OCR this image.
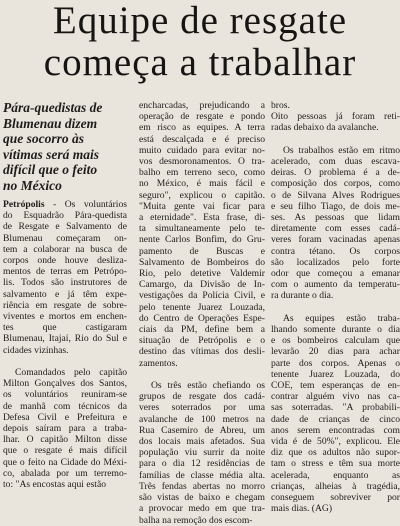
Equipe de resgate
começa a trabalhar
Pára-quedistas de
Blumenau dizem
que socorro às
vítimas será mais
difícil que o feito
no México
Petrópolis - Os voluntários
do Esquadrão Pára-quedista
de Resgate e Salvamento de
Blumenau começaram on-
tem a colaborar na busca de
corpos onde houve desliza-
mentos de terras em Petrópo-
lis. Todos são instrutores de
salvamento e já têm expe-
riência em resgate de sobre-
viventes e mortos em enchen-
tes que castigaram
Blumenau, Itajaí, Rio do Sul e
cidades vizinhas.
Comandados pelo capitão
Milton Gonçalves dos Santos,
os voluntários reuniram-se
de manhã com técnicos da
Defesa Civil e Prefeitura e
depois saíram para a traba-
lhar. O capitão Milton disse
que o resgate é mais difícil
que o feito na Cidade do Méxi-
co, abalada por um terremo-
to: "As encostas aqui estão
encharcadas, prejudicando a
operação de resgate e pondo
em risco as equipes. A terra
está descalçada e é preciso
muito cuidado para evitar no-
vos desmoronamentos. O tra-
balho em terreno seco, como
no México, é mais fácil e
seguro", explicou o capitão.
"Muita gente vai ficar para
a eternidade". Esta frase, di-
ta simultaneamente pelo te-
nente Carlos Bonfim, do Gru-
pamento de Buscas e
Salvamento de Bombeiros do
Rio, pelo detetive Valdemir
Camargo, da Divisão de In-
vestigações da Polícia Civil, e
pelo tenente Juarez Louzada,
do Centro de Operações Espe-
ciais da PM, define bem a
situação de Petrópolis e o
destino das vítimas dos desli-
zamentos.
Os três estão chefiando os
grupos de resgate dos cadá-
veres soterrados por uma
avalanche de 100 metros na
Rua Casemiro de Abreu, um
dos locais mais afetados. Sua
população viu surrir da noite
para o dia 12 residências de
famílias de classe média alta.
Três fendas abertas no morro
são vistas de baixo e chegam
a provocar medo em que tra-
balha na remoção dos escom-
bros.
Oito pessoas já foram reti-
radas debaixo da avalanche.
Os trabalhos estão em ritmo
acelerado, com duas escava-
deiras. O problema é a de-
composição dos corpos, como
o de Silvana Alves Rodrigues
e seu filho Tiago, de dois me-
ses. As pessoas que lidam
diretamente com esses cadá-
veres foram vacinadas apenas
contra tétano. Os corpos
são localizados pelo forte
odor que começou a emanar
com o aumento da temperatu-
ra durante o dia.
As equipes estão traba-
lhando somente durante o dia
e os bombeiros calculam que
levarão 20 dias para achar
parte dos corpos. Apenas o
tenente Juarez Louzada, do
COE, tem esperanças de en-
contrar alguém vivo nas ca-
sas soterradas. "A probabili-
dade de crianças de cinco
anos serem encontradas com
vida é de 50%", explicou. Ele
diz que os adultos não supor-
tam o stress e têm sua morte
acelerada, enquanto as
crianças, alheias à tragédia,
conseguem sobreviver por
mais dias. (AG)
